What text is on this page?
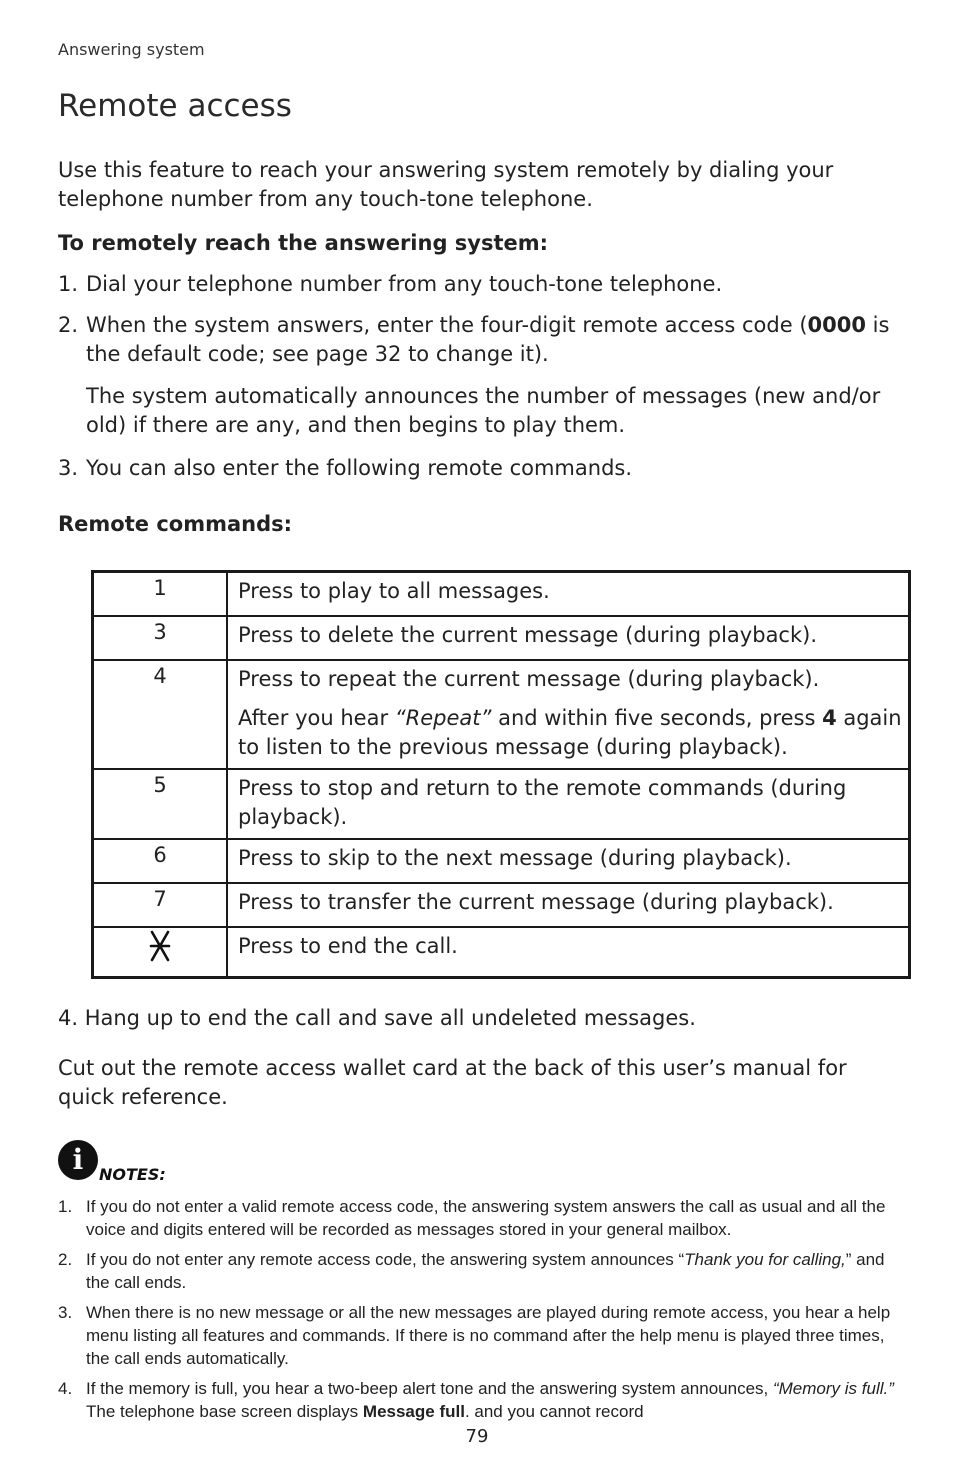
Answering system
Remote access
Use this feature to reach your answering system remotely by dialing your telephone number from any touch-tone telephone.
To remotely reach the answering system:
1. Dial your telephone number from any touch-tone telephone.
2. When the system answers, enter the four-digit remote access code (0000 is the default code; see page 32 to change it).
The system automatically announces the number of messages (new and/or old) if there are any, and then begins to play them.
3. You can also enter the following remote commands.
Remote commands:
1	Press to play to all messages.
3	Press to delete the current message (during playback).
4	Press to repeat the current message (during playback).

After you hear “Repeat” and within five seconds, press 4 again to listen to the previous message (during playback).

5	Press to stop and return to the remote commands (during playback).
6	Press to skip to the next message (during playback).
7	Press to transfer the current message (during playback).
	Press to end the call.
4. Hang up to end the call and save all undeleted messages.
Cut out the remote access wallet card at the back of this user’s manual for quick reference.
i NOTES:
1. If you do not enter a valid remote access code, the answering system answers the call as usual and all the voice and digits entered will be recorded as messages stored in your general mailbox.
2. If you do not enter any remote access code, the answering system announces “Thank you for calling,” and the call ends.
3. When there is no new message or all the new messages are played during remote access, you hear a help menu listing all features and commands. If there is no command after the help menu is played three times, the call ends automatically.
4. If the memory is full, you hear a two-beep alert tone and the answering system announces, “Memory is full.” The telephone base screen displays Message full. and you cannot record
79
